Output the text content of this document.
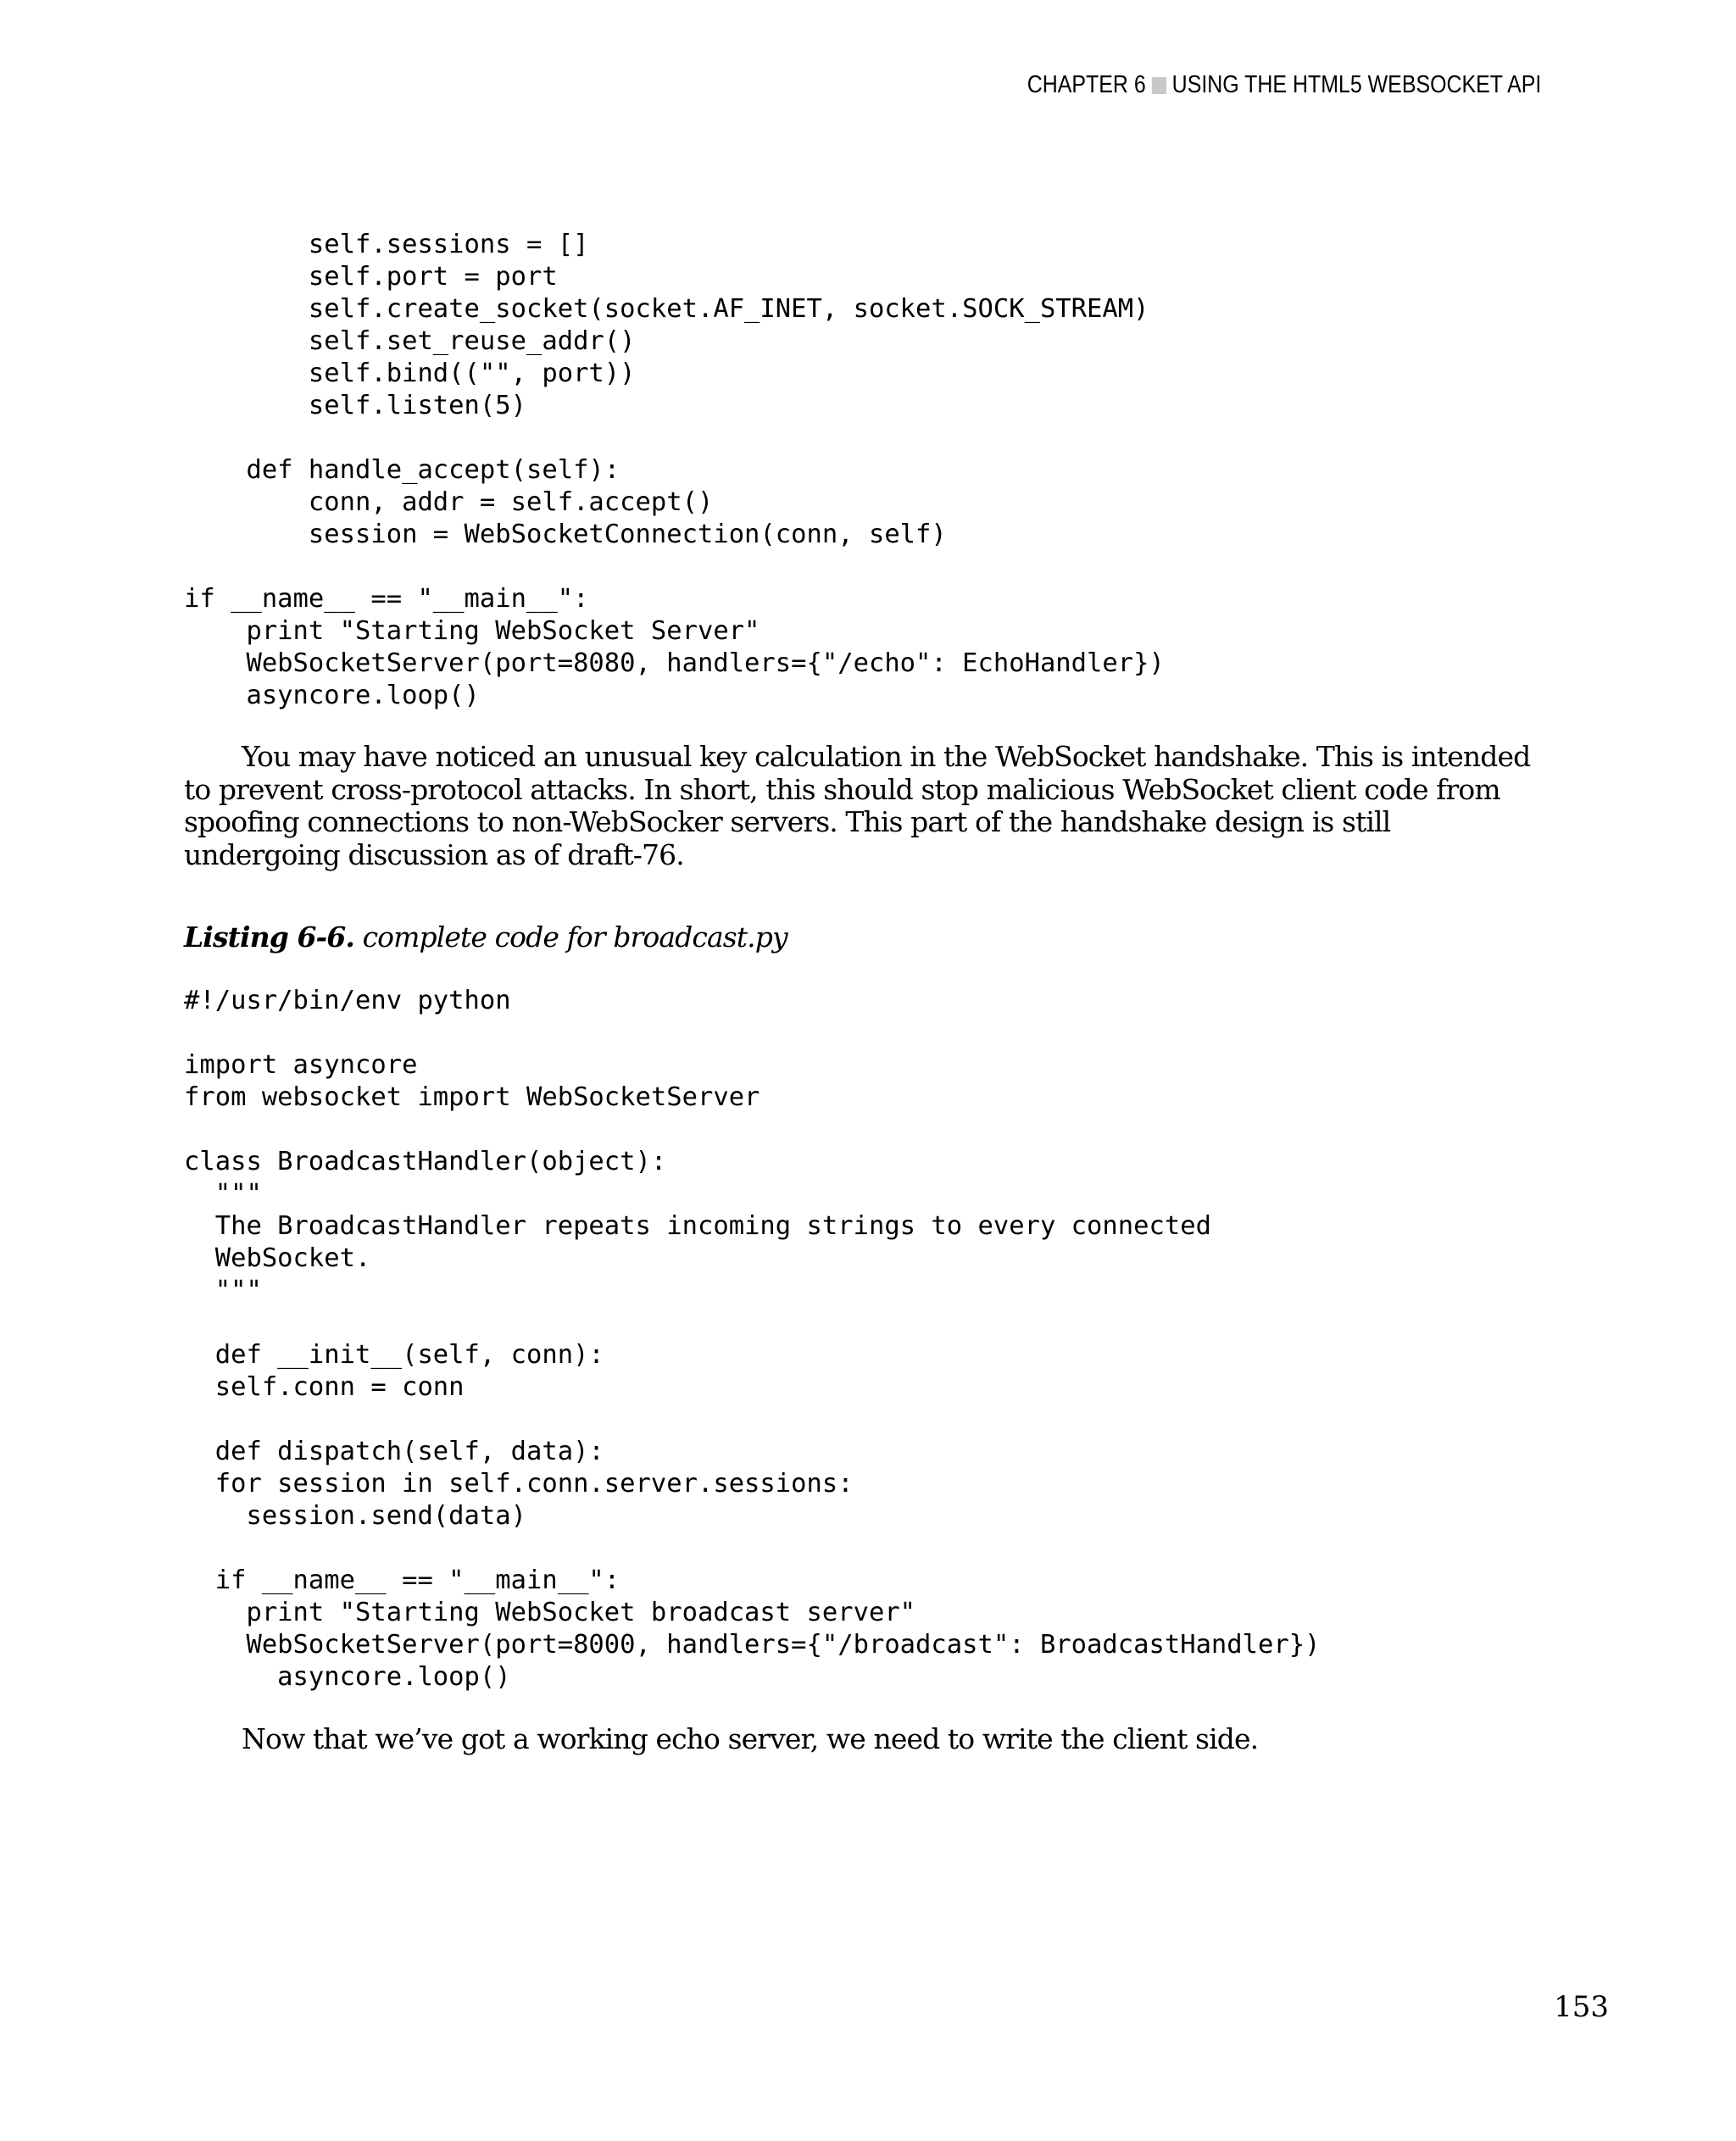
CHAPTER 6 USING THE HTML5 WEBSOCKET API
self.sessions = []
self.port = port
self.create_socket(socket.AF_INET, socket.SOCK_STREAM)
self.set_reuse_addr()
self.bind(("", port))
self.listen(5)

def handle_accept(self):
conn, addr = self.accept()
session = WebSocketConnection(conn, self)

if __name__ == "__main__":
print "Starting WebSocket Server"
WebSocketServer(port=8080, handlers={"/echo": EchoHandler})
asyncore.loop()

You may have noticed an unusual key calculation in the WebSocket handshake. This is intended to prevent cross-protocol attacks. In short, this should stop malicious WebSocket client code from spoofing connections to non-WebSocker servers. This part of the handshake design is still undergoing discussion as of draft-76.

Listing 6-6. complete code for broadcast.py
#!/usr/bin/env python

import asyncore
from websocket import WebSocketServer

class BroadcastHandler(object):
"""
The BroadcastHandler repeats incoming strings to every connected
WebSocket.
"""

def __init__(self, conn):
self.conn = conn

def dispatch(self, data):
for session in self.conn.server.sessions:
session.send(data)

if __name__ == "__main__":
print "Starting WebSocket broadcast server"
WebSocketServer(port=8000, handlers={"/broadcast": BroadcastHandler})
asyncore.loop()

Now that we’ve got a working echo server, we need to write the client side.

153
